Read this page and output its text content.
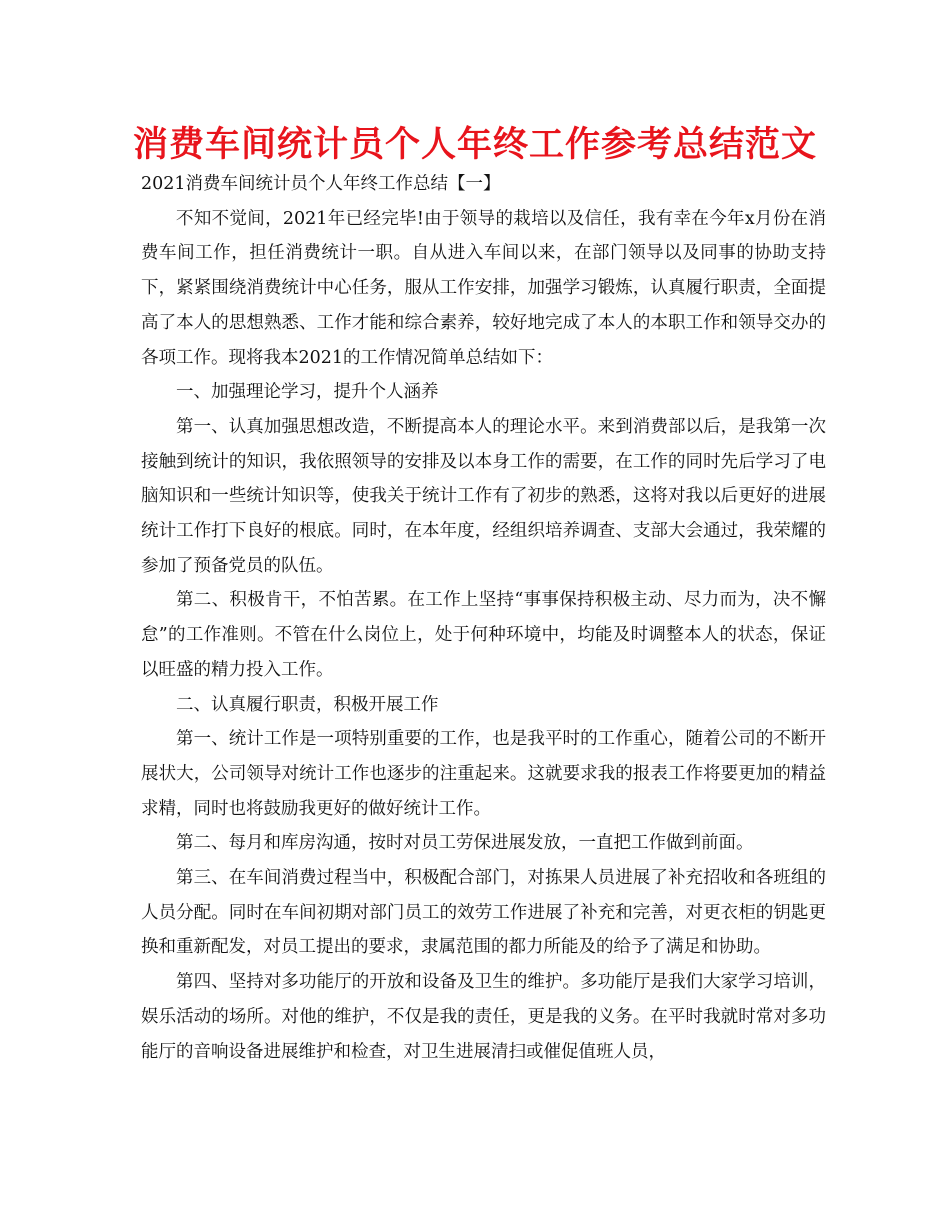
消费车间统计员个人年终工作参考总结范文

2021消费车间统计员个人年终工作总结【一】

不知不觉间，2021年已经完毕!由于领导的栽培以及信任，我有幸在今年x月份在消费车间工作，担任消费统计一职。自从进入车间以来，在部门领导以及同事的协助支持下，紧紧围绕消费统计中心任务，服从工作安排，加强学习锻炼，认真履行职责，全面提高了本人的思想熟悉、工作才能和综合素养，较好地完成了本人的本职工作和领导交办的各项工作。现将我本2021的工作情况简单总结如下：

一、加强理论学习，提升个人涵养

第一、认真加强思想改造，不断提高本人的理论水平。来到消费部以后，是我第一次接触到统计的知识，我依照领导的安排及以本身工作的需要，在工作的同时先后学习了电脑知识和一些统计知识等，使我关于统计工作有了初步的熟悉，这将对我以后更好的进展统计工作打下良好的根底。同时，在本年度，经组织培养调查、支部大会通过，我荣耀的参加了预备党员的队伍。

第二、积极肯干，不怕苦累。在工作上坚持“事事保持积极主动、尽力而为，决不懈怠”的工作准则。不管在什么岗位上，处于何种环境中，均能及时调整本人的状态，保证以旺盛的精力投入工作。

二、认真履行职责，积极开展工作

第一、统计工作是一项特别重要的工作，也是我平时的工作重心，随着公司的不断开展状大，公司领导对统计工作也逐步的注重起来。这就要求我的报表工作将要更加的精益求精，同时也将鼓励我更好的做好统计工作。

第二、每月和库房沟通，按时对员工劳保进展发放，一直把工作做到前面。

第三、在车间消费过程当中，积极配合部门，对拣果人员进展了补充招收和各班组的人员分配。同时在车间初期对部门员工的效劳工作进展了补充和完善，对更衣柜的钥匙更换和重新配发，对员工提出的要求，隶属范围的都力所能及的给予了满足和协助。

第四、坚持对多功能厅的开放和设备及卫生的维护。多功能厅是我们大家学习培训，娱乐活动的场所。对他的维护，不仅是我的责任，更是我的义务。在平时我就时常对多功能厅的音响设备进展维护和检查，对卫生进展清扫或催促值班人员，
